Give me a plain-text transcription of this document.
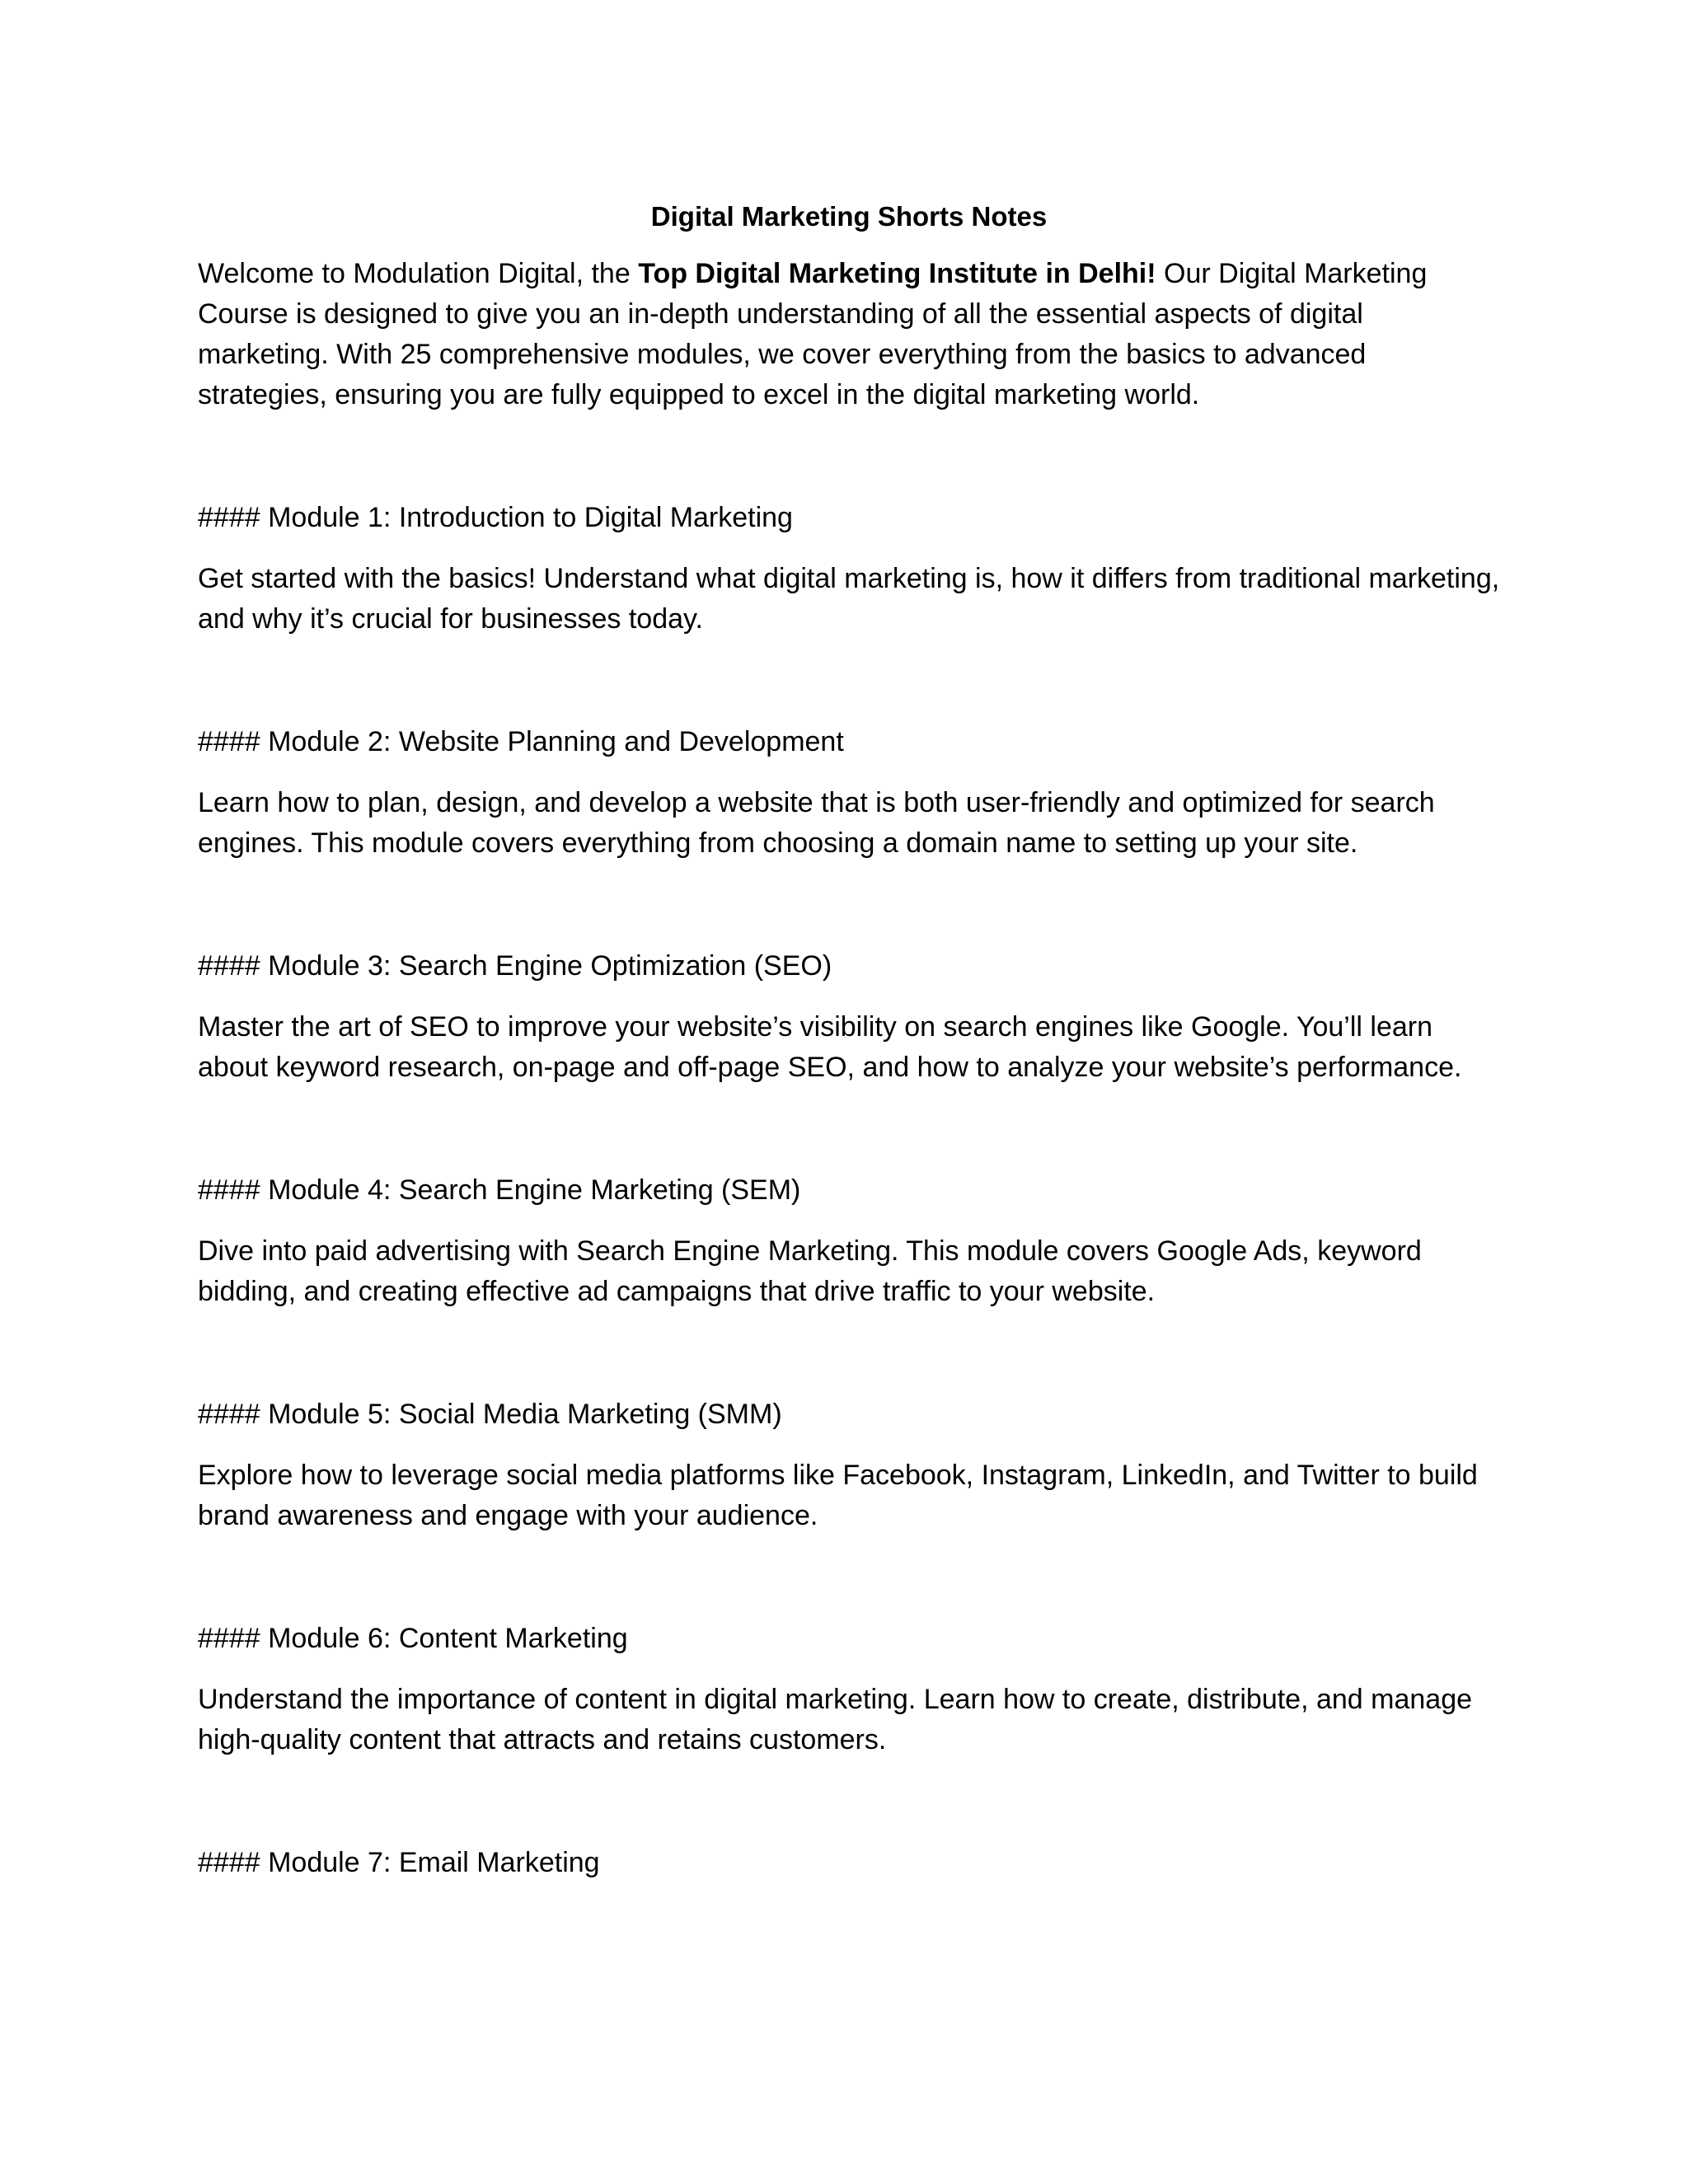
Digital Marketing Shorts Notes

Welcome to Modulation Digital, the Top Digital Marketing Institute in Delhi! Our Digital Marketing Course is designed to give you an in-depth understanding of all the essential aspects of digital marketing. With 25 comprehensive modules, we cover everything from the basics to advanced strategies, ensuring you are fully equipped to excel in the digital marketing world.

#### Module 1: Introduction to Digital Marketing

Get started with the basics! Understand what digital marketing is, how it differs from traditional marketing, and why it’s crucial for businesses today.

#### Module 2: Website Planning and Development

Learn how to plan, design, and develop a website that is both user-friendly and optimized for search engines. This module covers everything from choosing a domain name to setting up your site.

#### Module 3: Search Engine Optimization (SEO)

Master the art of SEO to improve your website’s visibility on search engines like Google. You’ll learn about keyword research, on-page and off-page SEO, and how to analyze your website’s performance.

#### Module 4: Search Engine Marketing (SEM)

Dive into paid advertising with Search Engine Marketing. This module covers Google Ads, keyword bidding, and creating effective ad campaigns that drive traffic to your website.

#### Module 5: Social Media Marketing (SMM)

Explore how to leverage social media platforms like Facebook, Instagram, LinkedIn, and Twitter to build brand awareness and engage with your audience.

#### Module 6: Content Marketing

Understand the importance of content in digital marketing. Learn how to create, distribute, and manage high-quality content that attracts and retains customers.

#### Module 7: Email Marketing
